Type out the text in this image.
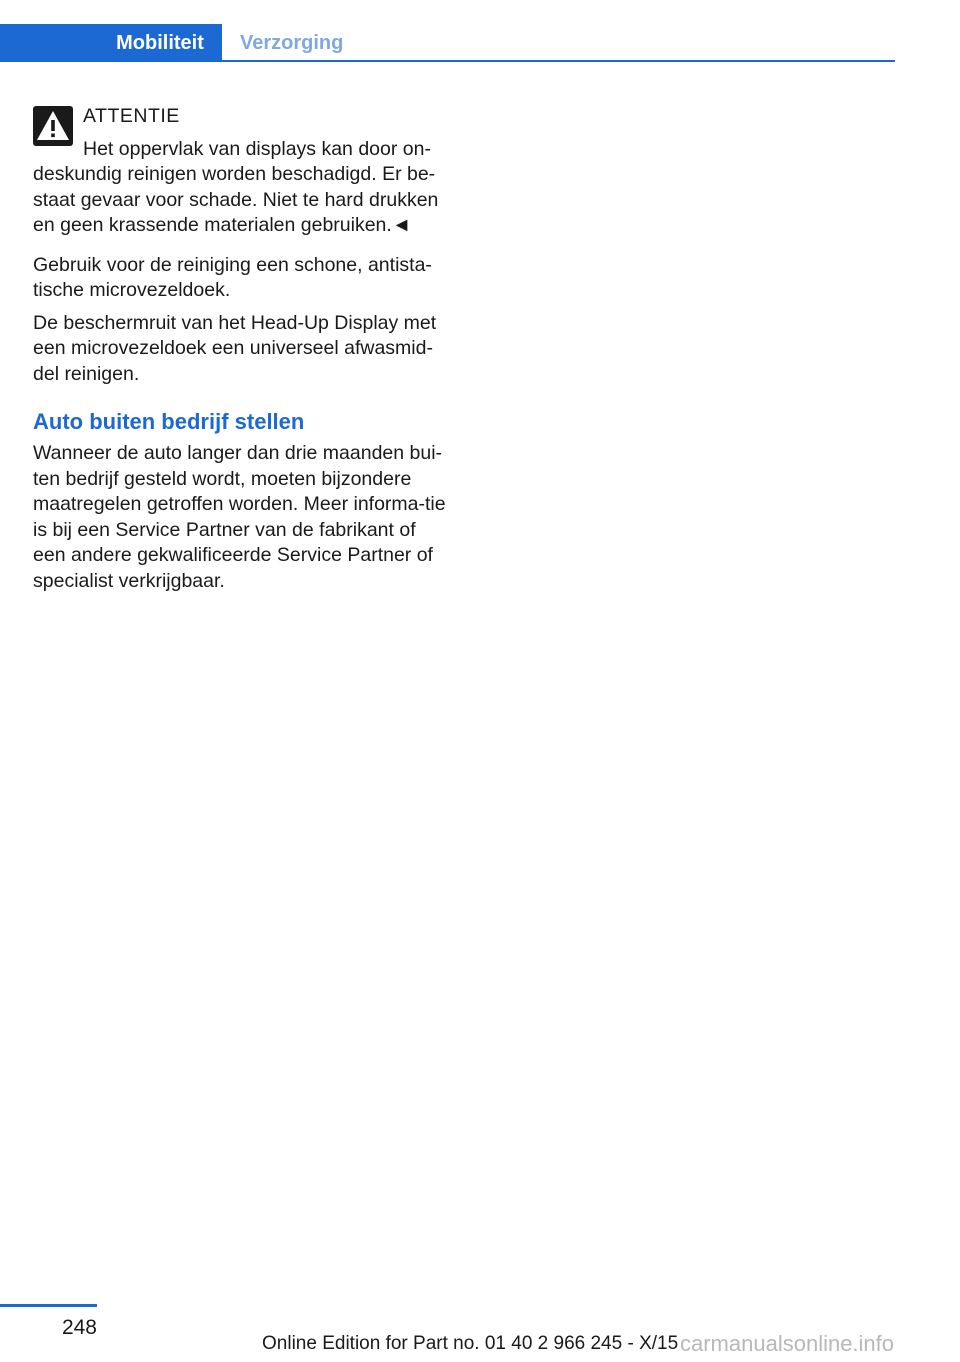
Mobiliteit Verzorging
ATTENTIE
Het oppervlak van displays kan door on-deskundig reinigen worden beschadigd. Er be-staat gevaar voor schade. Niet te hard drukken en geen krassende materialen gebruiken.◄

Gebruik voor de reiniging een schone, antista-tische microvezeldoek.

De beschermruit van het Head-Up Display met een microvezeldoek een universeel afwasmid-del reinigen.

Auto buiten bedrijf stellen

Wanneer de auto langer dan drie maanden bui-ten bedrijf gesteld wordt, moeten bijzondere maatregelen getroffen worden. Meer informa-tie is bij een Service Partner van de fabrikant of een andere gekwalificeerde Service Partner of specialist verkrijgbaar.

248
Online Edition for Part no. 01 40 2 966 245 - X/15 carmanualsonline.info
